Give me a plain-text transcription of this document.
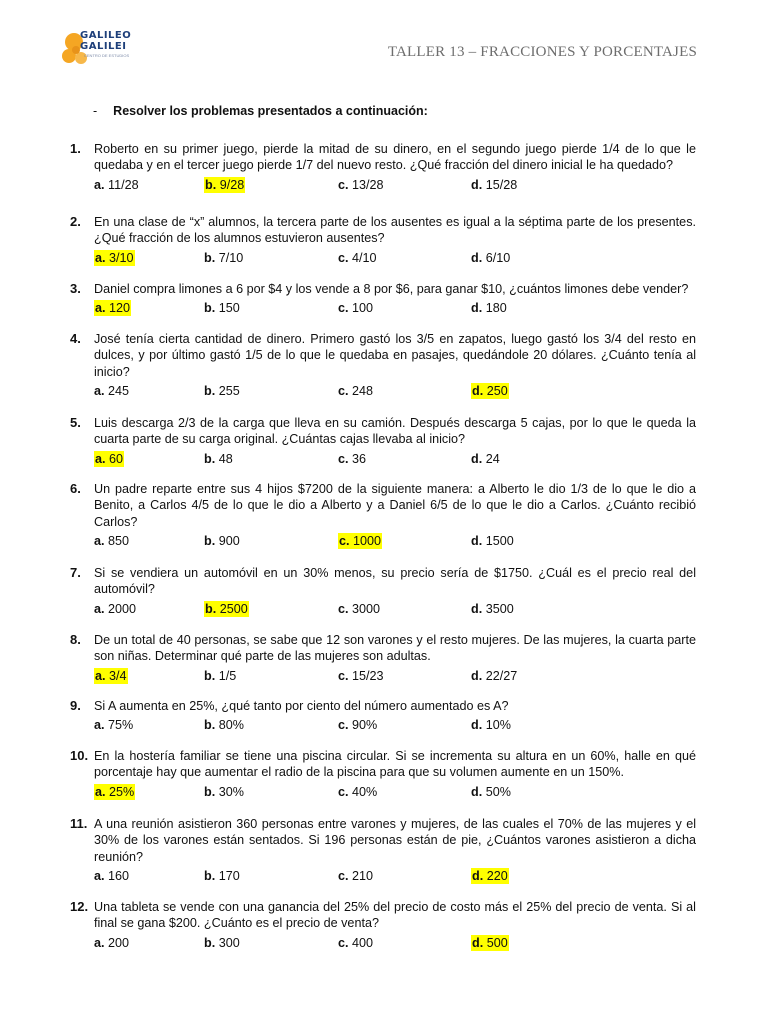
GALILEO
GALILEI
CENTRO DE ESTUDIOS	TALLER 13 – FRACCIONES Y PORCENTAJES
- Resolver los problemas presentados a continuación:
1.	Roberto en su primer juego, pierde la mitad de su dinero, en el segundo juego pierde 1/4 de lo que le quedaba y en el tercer juego pierde 1/7 del nuevo resto. ¿Qué fracción del dinero inicial le ha quedado?
a. 11/28	b. 9/28	c. 13/28	d. 15/28
2.	En una clase de “x” alumnos, la tercera parte de los ausentes es igual a la séptima parte de los presentes. ¿Qué fracción de los alumnos estuvieron ausentes?
a. 3/10	b. 7/10	c. 4/10	d. 6/10
3.	Daniel compra limones a 6 por $4 y los vende a 8 por $6, para ganar $10, ¿cuántos limones debe vender?
a. 120	b. 150	c. 100	d. 180
4.	José tenía cierta cantidad de dinero. Primero gastó los 3/5 en zapatos, luego gastó los 3/4 del resto en dulces, y por último gastó 1/5 de lo que le quedaba en pasajes, quedándole 20 dólares. ¿Cuánto tenía al inicio?
a. 245	b. 255	c. 248	d. 250
5.	Luis descarga 2/3 de la carga que lleva en su camión. Después descarga 5 cajas, por lo que le queda la cuarta parte de su carga original. ¿Cuántas cajas llevaba al inicio?
a. 60	b. 48	c. 36	d. 24
6.	Un padre reparte entre sus 4 hijos $7200 de la siguiente manera: a Alberto le dio 1/3 de lo que le dio a Benito, a Carlos 4/5 de lo que le dio a Alberto y a Daniel 6/5 de lo que le dio a Carlos. ¿Cuánto recibió Carlos?
a. 850	b. 900	c. 1000	d. 1500
7.	Si se vendiera un automóvil en un 30% menos, su precio sería de $1750. ¿Cuál es el precio real del automóvil?
a. 2000	b. 2500	c. 3000	d. 3500
8.	De un total de 40 personas, se sabe que 12 son varones y el resto mujeres. De las mujeres, la cuarta parte son niñas. Determinar qué parte de las mujeres son adultas.
a. 3/4	b. 1/5	c. 15/23	d. 22/27
9.	Si A aumenta en 25%, ¿qué tanto por ciento del número aumentado es A?
a. 75%	b. 80%	c. 90%	d. 10%
10. En la hostería familiar se tiene una piscina circular. Si se incrementa su altura en un 60%, halle en qué porcentaje hay que aumentar el radio de la piscina para que su volumen aumente en un 150%.
a. 25%	b. 30%	c. 40%	d. 50%
11. A una reunión asistieron 360 personas entre varones y mujeres, de las cuales el 70% de las mujeres y el 30% de los varones están sentados. Si 196 personas están de pie, ¿Cuántos varones asistieron a dicha reunión?
a. 160	b. 170	c. 210	d. 220
12. Una tableta se vende con una ganancia del 25% del precio de costo más el 25% del precio de venta. Si al final se gana $200. ¿Cuánto es el precio de venta?
a. 200	b. 300	c. 400	d. 500
